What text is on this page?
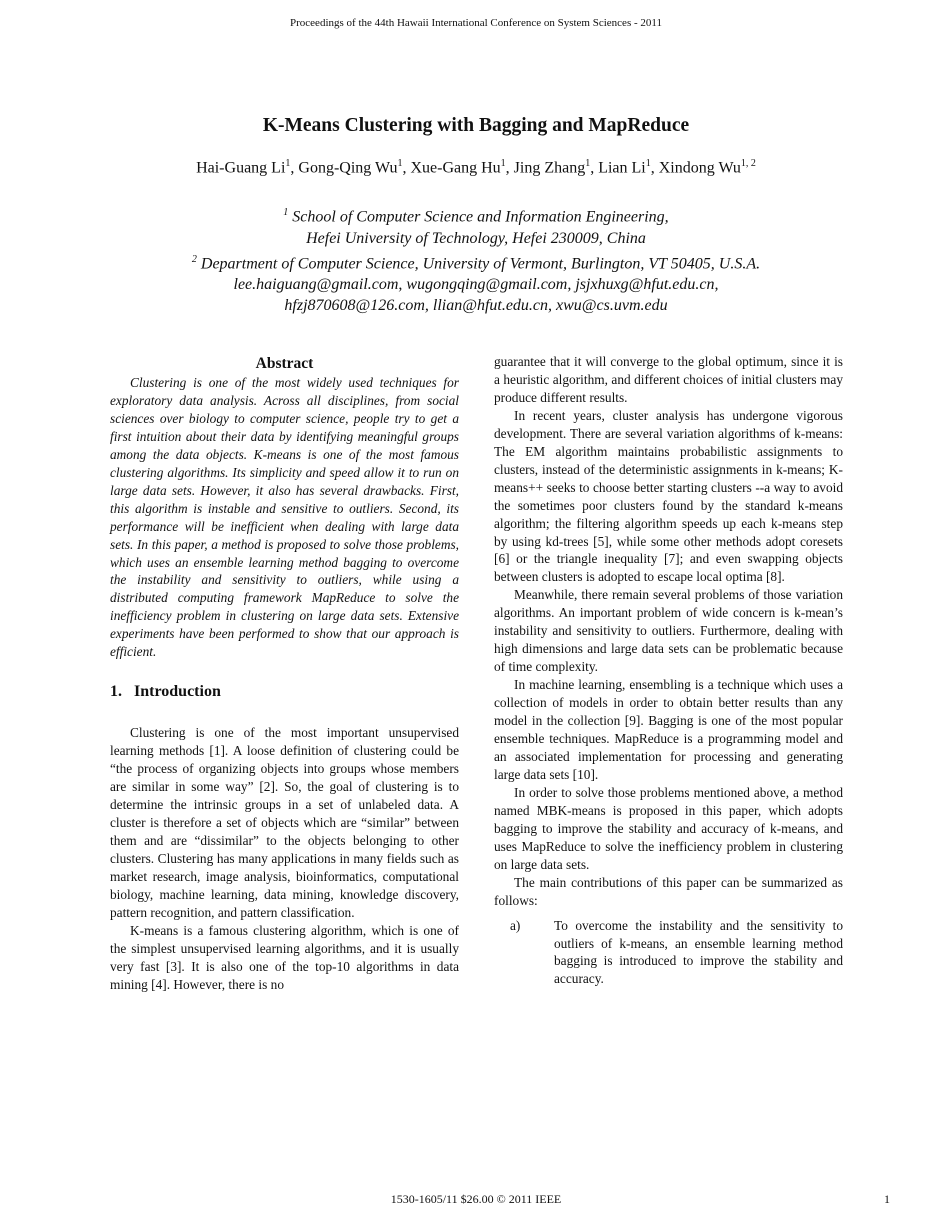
Proceedings of the 44th Hawaii International Conference on System Sciences - 2011
K-Means Clustering with Bagging and MapReduce
Hai-Guang Li$^1$, Gong-Qing Wu$^1$, Xue-Gang Hu$^1$, Jing Zhang$^1$, Lian Li$^1$, Xindong Wu$^{1, 2}$
$^1$ School of Computer Science and Information Engineering,
Hefei University of Technology, Hefei 230009, China
$^2$ Department of Computer Science, University of Vermont, Burlington, VT 50405, U.S.A.
lee.haiguang@gmail.com, wugongqing@gmail.com, jsjxhuxg@hfut.edu.cn,
hfzj870608@126.com, llian@hfut.edu.cn, xwu@cs.uvm.edu
Abstract

Clustering is one of the most widely used techniques for exploratory data analysis. Across all disciplines, from social sciences over biology to computer science, people try to get a first intuition about their data by identifying meaningful groups among the data objects. K-means is one of the most famous clustering algorithms. Its simplicity and speed allow it to run on large data sets. However, it also has several drawbacks. First, this algorithm is instable and sensitive to outliers. Second, its performance will be inefficient when dealing with large data sets. In this paper, a method is proposed to solve those problems, which uses an ensemble learning method bagging to overcome the instability and sensitivity to outliers, while using a distributed computing framework MapReduce to solve the inefficiency problem in clustering on large data sets. Extensive experiments have been performed to show that our approach is efficient.

1.   Introduction

Clustering is one of the most important unsupervised learning methods [1]. A loose definition of clustering could be “the process of organizing objects into groups whose members are similar in some way” [2]. So, the goal of clustering is to determine the intrinsic groups in a set of unlabeled data. A cluster is therefore a set of objects which are “similar” between them and are “dissimilar” to the objects belonging to other clusters. Clustering has many applications in many fields such as market research, image analysis, bioinformatics, computational biology, machine learning, data mining, knowledge discovery, pattern recognition, and pattern classification.

K-means is a famous clustering algorithm, which is one of the simplest unsupervised learning algorithms, and it is usually very fast [3]. It is also one of the top-10 algorithms in data mining [4]. However, there is no

guarantee that it will converge to the global optimum, since it is a heuristic algorithm, and different choices of initial clusters may produce different results.

In recent years, cluster analysis has undergone vigorous development. There are several variation algorithms of k-means: The EM algorithm maintains probabilistic assignments to clusters, instead of the deterministic assignments in k-means; K-means++ seeks to choose better starting clusters --a way to avoid the sometimes poor clusters found by the standard k-means algorithm; the filtering algorithm speeds up each k-means step by using kd-trees [5], while some other methods adopt coresets [6] or the triangle inequality [7]; and even swapping objects between clusters is adopted to escape local optima [8].

Meanwhile, there remain several problems of those variation algorithms. An important problem of wide concern is k-mean’s instability and sensitivity to outliers. Furthermore, dealing with high dimensions and large data sets can be problematic because of time complexity.

In machine learning, ensembling is a technique which uses a collection of models in order to obtain better results than any model in the collection [9]. Bagging is one of the most popular ensemble techniques. MapReduce is a programming model and an associated implementation for processing and generating large data sets [10].

In order to solve those problems mentioned above, a method named MBK-means is proposed in this paper, which adopts bagging to improve the stability and accuracy of k-means, and uses MapReduce to solve the inefficiency problem in clustering on large data sets.

The main contributions of this paper can be summarized as follows:

a)	To overcome the instability and the sensitivity to outliers of k-means, an ensemble learning method bagging is introduced to improve the stability and accuracy.
1530-1605/11 $26.00 © 2011 IEEE	1
